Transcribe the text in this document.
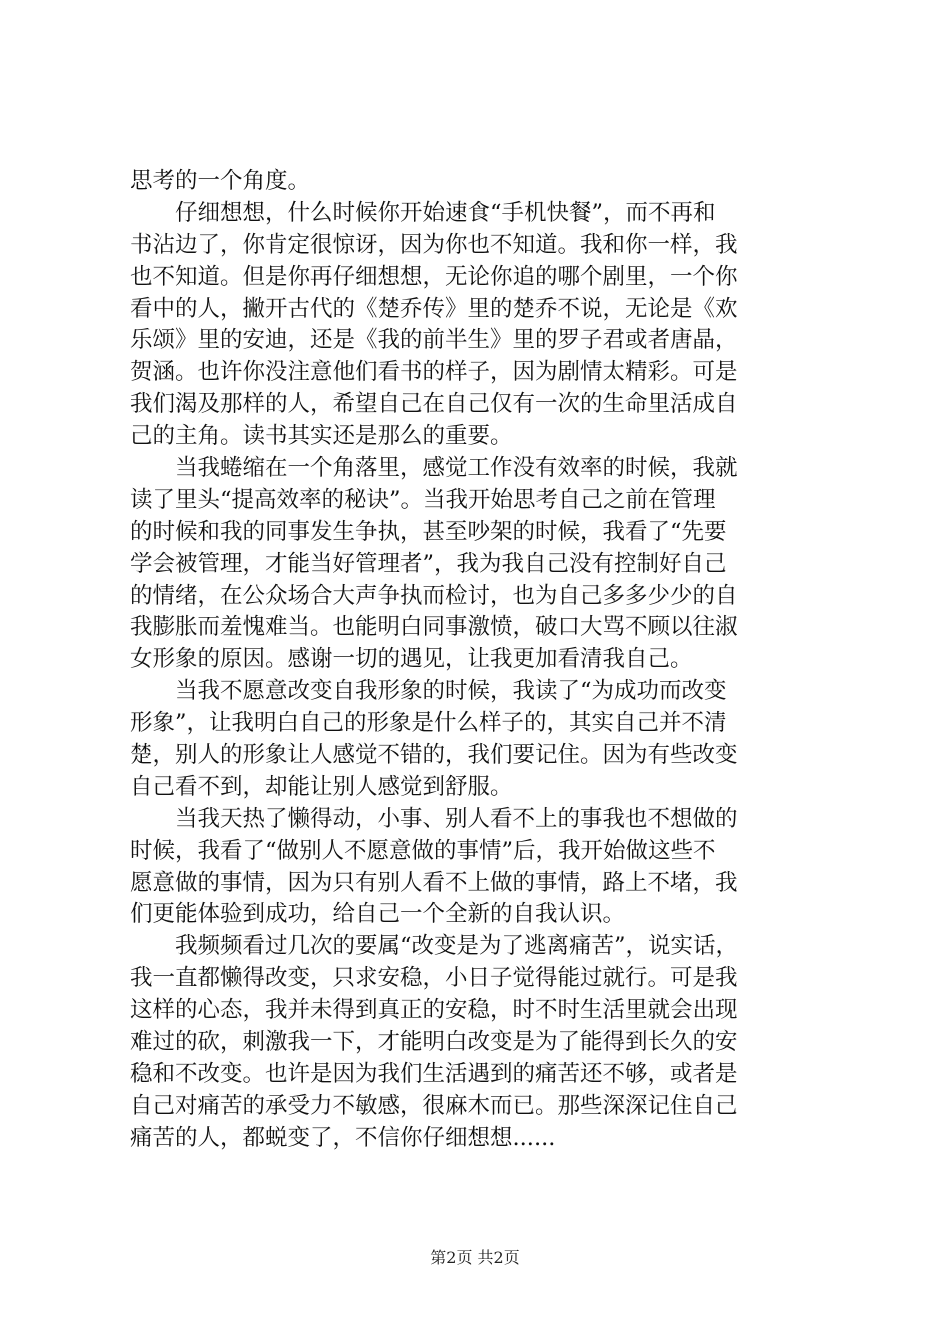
思考的一个角度。
　　仔细想想，什么时候你开始速食“手机快餐”，而不再和
书沾边了，你肯定很惊讶，因为你也不知道。我和你一样，我
也不知道。但是你再仔细想想，无论你追的哪个剧里，一个你
看中的人，撇开古代的《楚乔传》里的楚乔不说，无论是《欢
乐颂》里的安迪，还是《我的前半生》里的罗子君或者唐晶，
贺涵。也许你没注意他们看书的样子，因为剧情太精彩。可是
我们渴及那样的人，希望自己在自己仅有一次的生命里活成自
己的主角。读书其实还是那么的重要。
　　当我蜷缩在一个角落里，感觉工作没有效率的时候，我就
读了里头“提高效率的秘诀”。当我开始思考自己之前在管理
的时候和我的同事发生争执，甚至吵架的时候，我看了“先要
学会被管理，才能当好管理者”，我为我自己没有控制好自己
的情绪，在公众场合大声争执而检讨，也为自己多多少少的自
我膨胀而羞愧难当。也能明白同事激愤，破口大骂不顾以往淑
女形象的原因。感谢一切的遇见，让我更加看清我自己。
　　当我不愿意改变自我形象的时候，我读了“为成功而改变
形象”，让我明白自己的形象是什么样子的，其实自己并不清
楚，别人的形象让人感觉不错的，我们要记住。因为有些改变
自己看不到，却能让别人感觉到舒服。
　　当我天热了懒得动，小事、别人看不上的事我也不想做的
时候，我看了“做别人不愿意做的事情”后，我开始做这些不
愿意做的事情，因为只有别人看不上做的事情，路上不堵，我
们更能体验到成功，给自己一个全新的自我认识。
　　我频频看过几次的要属“改变是为了逃离痛苦”，说实话，
我一直都懒得改变，只求安稳，小日子觉得能过就行。可是我
这样的心态，我并未得到真正的安稳，时不时生活里就会出现
难过的砍，刺激我一下，才能明白改变是为了能得到长久的安
稳和不改变。也许是因为我们生活遇到的痛苦还不够，或者是
自己对痛苦的承受力不敏感，很麻木而已。那些深深记住自己
痛苦的人，都蜕变了，不信你仔细想想......
第2页 共2页
